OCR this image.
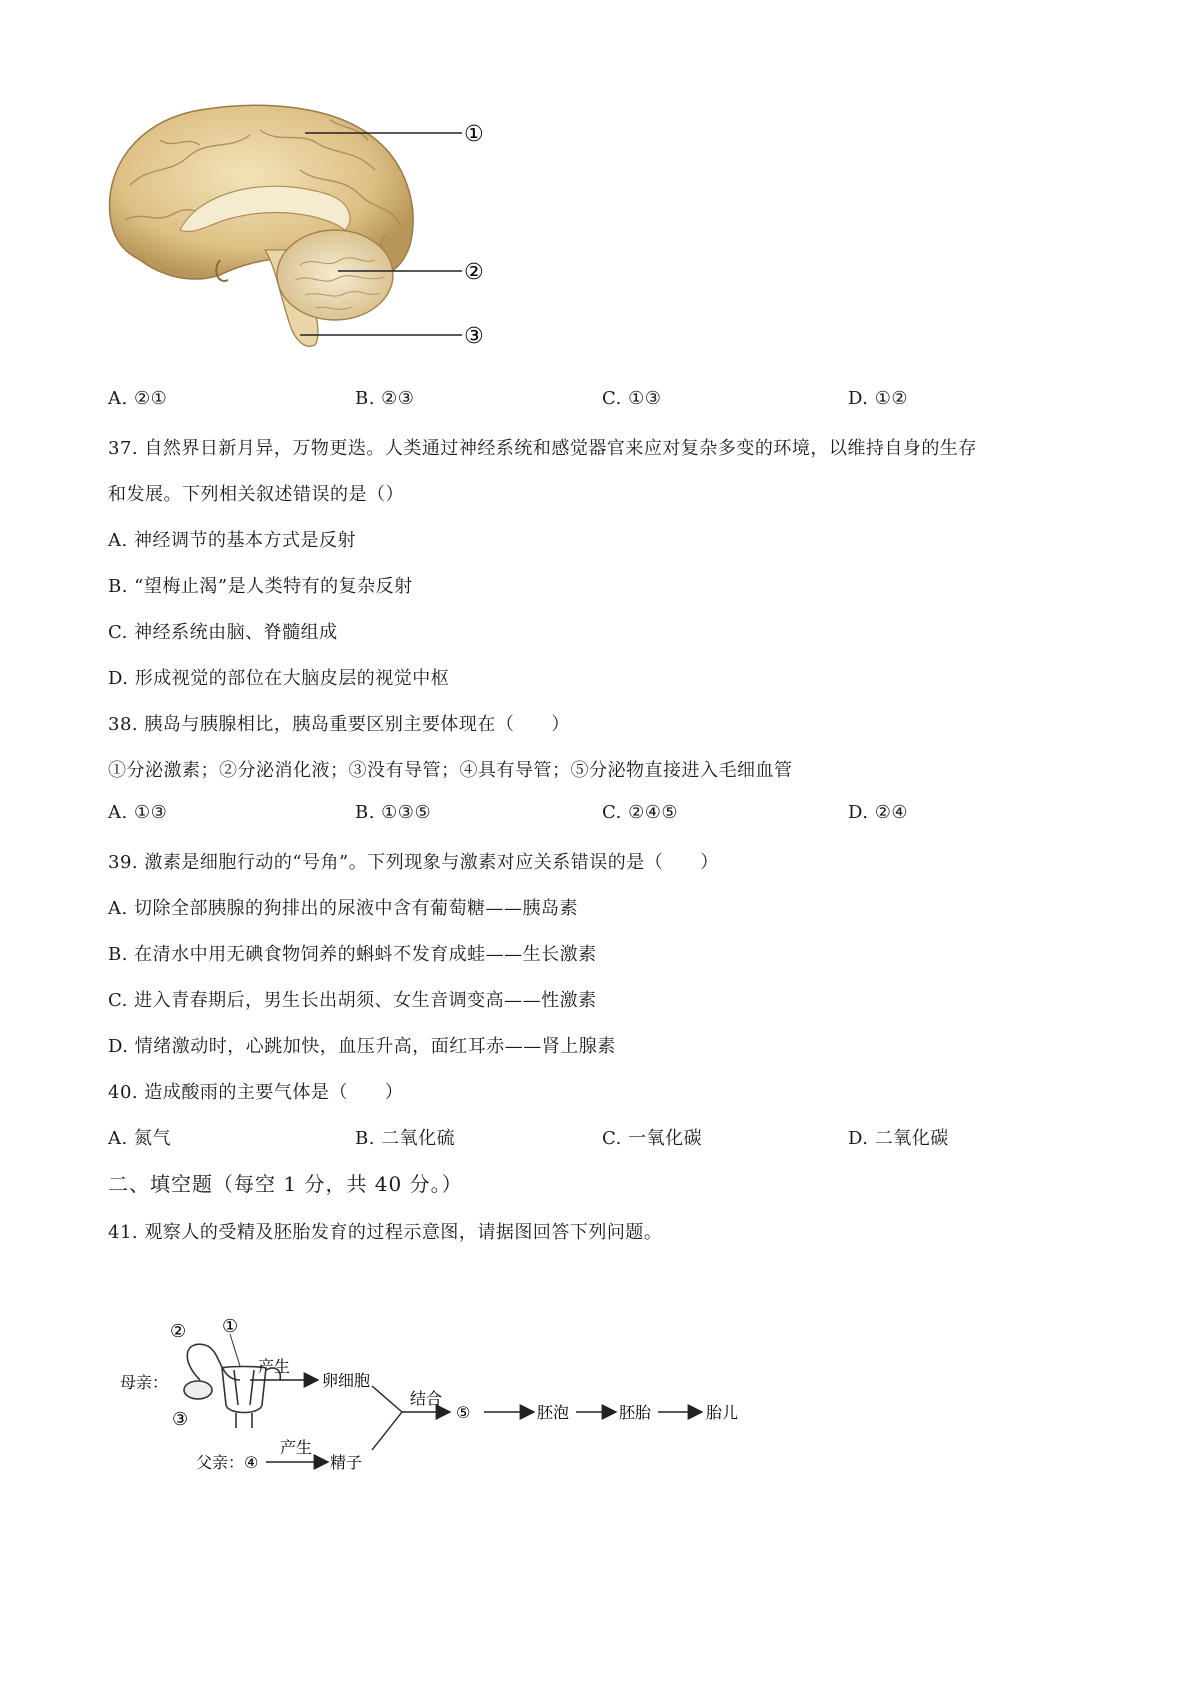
①
②
③
A. ②①	B. ②③	C. ①③	D. ①②
37. 自然界日新月异，万物更迭。人类通过神经系统和感觉器官来应对复杂多变的环境，以维持自身的生存
和发展。下列相关叙述错误的是（）
A. 神经调节的基本方式是反射
B. “望梅止渴”是人类特有的复杂反射
C. 神经系统由脑、脊髓组成
D. 形成视觉的部位在大脑皮层的视觉中枢
38. 胰岛与胰腺相比，胰岛重要区别主要体现在（　　）
①分泌激素；②分泌消化液；③没有导管；④具有导管；⑤分泌物直接进入毛细血管
A. ①③	B. ①③⑤	C. ②④⑤	D. ②④
39. 激素是细胞行动的“号角”。下列现象与激素对应关系错误的是（　　）
A. 切除全部胰腺的狗排出的尿液中含有葡萄糖——胰岛素
B. 在清水中用无碘食物饲养的蝌蚪不发育成蛙——生长激素
C. 进入青春期后，男生长出胡须、女生音调变高——性激素
D. 情绪激动时，心跳加快，血压升高，面红耳赤——肾上腺素
40. 造成酸雨的主要气体是（　　）
A. 氮气	B. 二氧化硫	C. 一氧化碳	D. 二氧化碳
二、填空题（每空 1 分，共 40 分。）
41. 观察人的受精及胚胎发育的过程示意图，请据图回答下列问题。
母亲：
①
②
③
产生
卵细胞
父亲： ④
产生
精子
结合
⑤	胚泡	胚胎	胎儿
